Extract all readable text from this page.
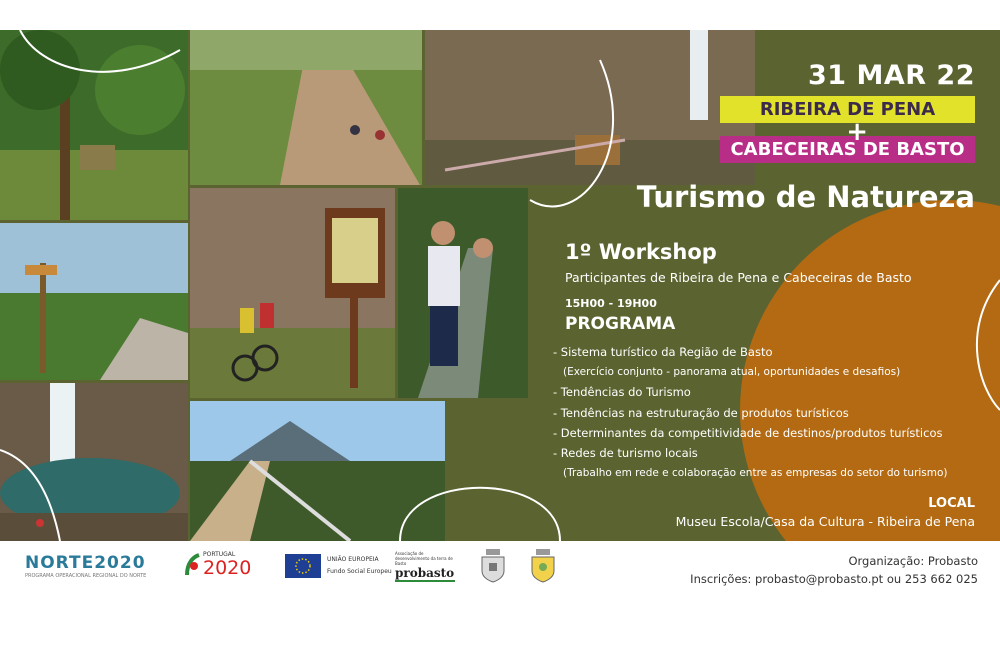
31 MAR 22
RIBEIRA DE PENA
CABECEIRAS DE BASTO
+
Turismo de Natureza
1º Workshop
Participantes de Ribeira de Pena e Cabeceiras de Basto
15H00 - 19H00
PROGRAMA
- Sistema turístico da Região de Basto
(Exercício conjunto - panorama atual, oportunidades e desafios)
- Tendências do Turismo
- Tendências na estruturação de produtos turísticos
- Determinantes da competitividade de destinos/produtos turísticos
- Redes de turismo locais
(Trabalho em rede e colaboração entre as empresas do setor do turismo)
LOCAL
Museu Escola/Casa da Cultura - Ribeira de Pena
NORTE2020
PROGRAMA OPERACIONAL REGIONAL DO NORTE
PORTUGAL
2020	UNIÃO EUROPEIA
Fundo Social Europeu
Associação de desenvolvimento da terra de Basto
probasto
Organização: Probasto
Inscrições: probasto@probasto.pt ou 253 662 025
